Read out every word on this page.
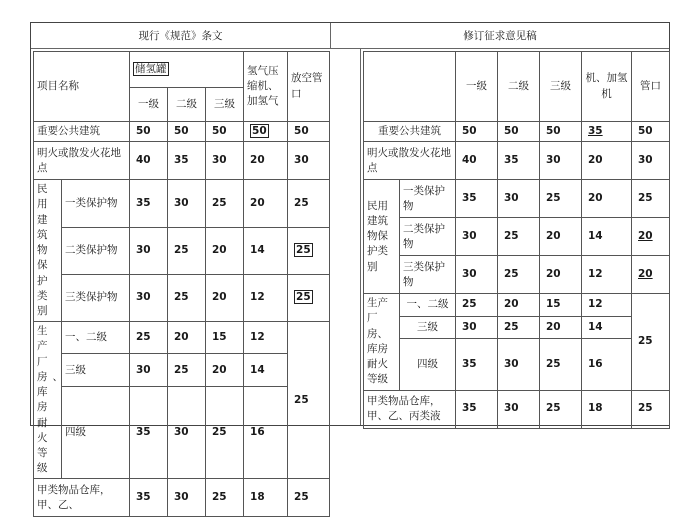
现行《规范》条文	修订征求意见稿
项目名称		储氢罐			氢气压缩机、加氢气	放空管口
		一级	二级	三级		
重要公共建筑		50	50	50	50	50
明火或散发火花地点		40	35	30	20	30
民用建筑物保护类别	一类保护物	35	30	25	20	25
	二类保护物	30	25	20	14	25
	三类保护物	30	25	20	12	25
生产厂房、库房耐火等级	一、二级	25	20	15	12	25
	三级	30	25	20	14	
	四级	35	30	25	16	
甲类物品仓库，甲、乙、		35	30	25	18	25
		一级	二级	三级	机、加氢机	管口
重要公共建筑		50	50	50	35	50
明火或散发火花地点		40	35	30	20	30
民用建筑物保护类别	一类保护物	35	30	25	20	25
	二类保护物	30	25	20	14	20
	三类保护物	30	25	20	12	20
生产厂房、库房耐火等级	一、二级	25	20	15	12	25
	三级	30	25	20	14	
	四级	35	30	25	16	
甲类物品仓库，甲、乙、丙类液		35	30	25	18	25
